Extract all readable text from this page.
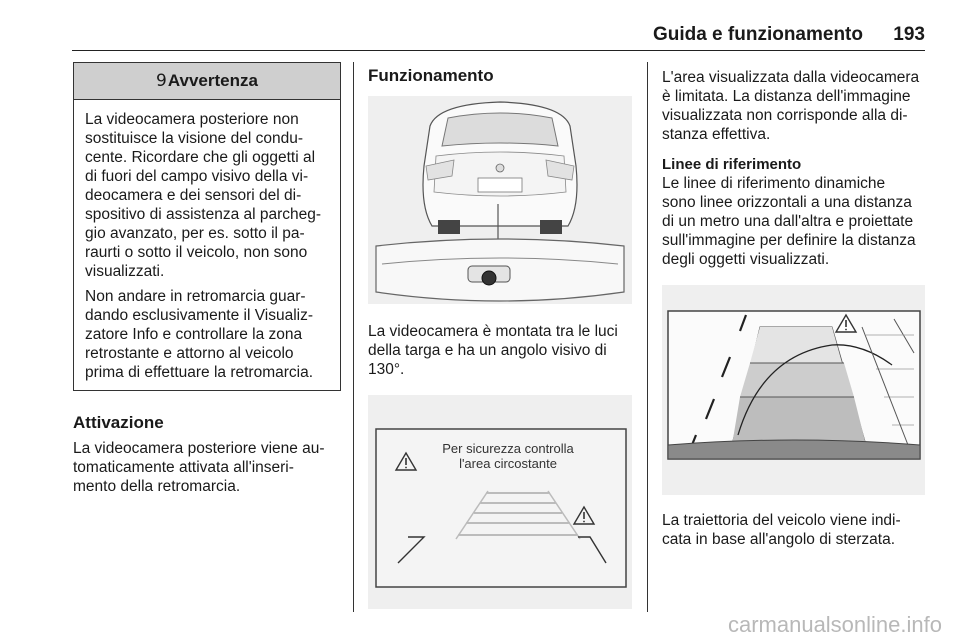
Guida e funzionamento 193
9 Avvertenza

La videocamera posteriore non
sostituisce la visione del condu-
cente. Ricordare che gli oggetti al
di fuori del campo visivo della vi-
deocamera e dei sensori del di-
spositivo di assistenza al parcheg-
gio avanzato, per es. sotto il pa-
raurti o sotto il veicolo, non sono
visualizzati.

Non andare in retromarcia guar-
dando esclusivamente il Visualiz-
zatore Info e controllare la zona
retrostante e attorno al veicolo
prima di effettuare la retromarcia.

Attivazione

La videocamera posteriore viene au-
tomaticamente attivata all'inseri-
mento della retromarcia.

Funzionamento

La videocamera è montata tra le luci
della targa e ha un angolo visivo di
130°.

Per sicurezza controlla
l'area circostante

L'area visualizzata dalla videocamera
è limitata. La distanza dell'immagine
visualizzata non corrisponde alla di-
stanza effettiva.

Linee di riferimento

Le linee di riferimento dinamiche
sono linee orizzontali a una distanza
di un metro una dall'altra e proiettate
sull'immagine per definire la distanza
degli oggetti visualizzati.

La traiettoria del veicolo viene indi-
cata in base all'angolo di sterzata.

carmanualsonline.info
